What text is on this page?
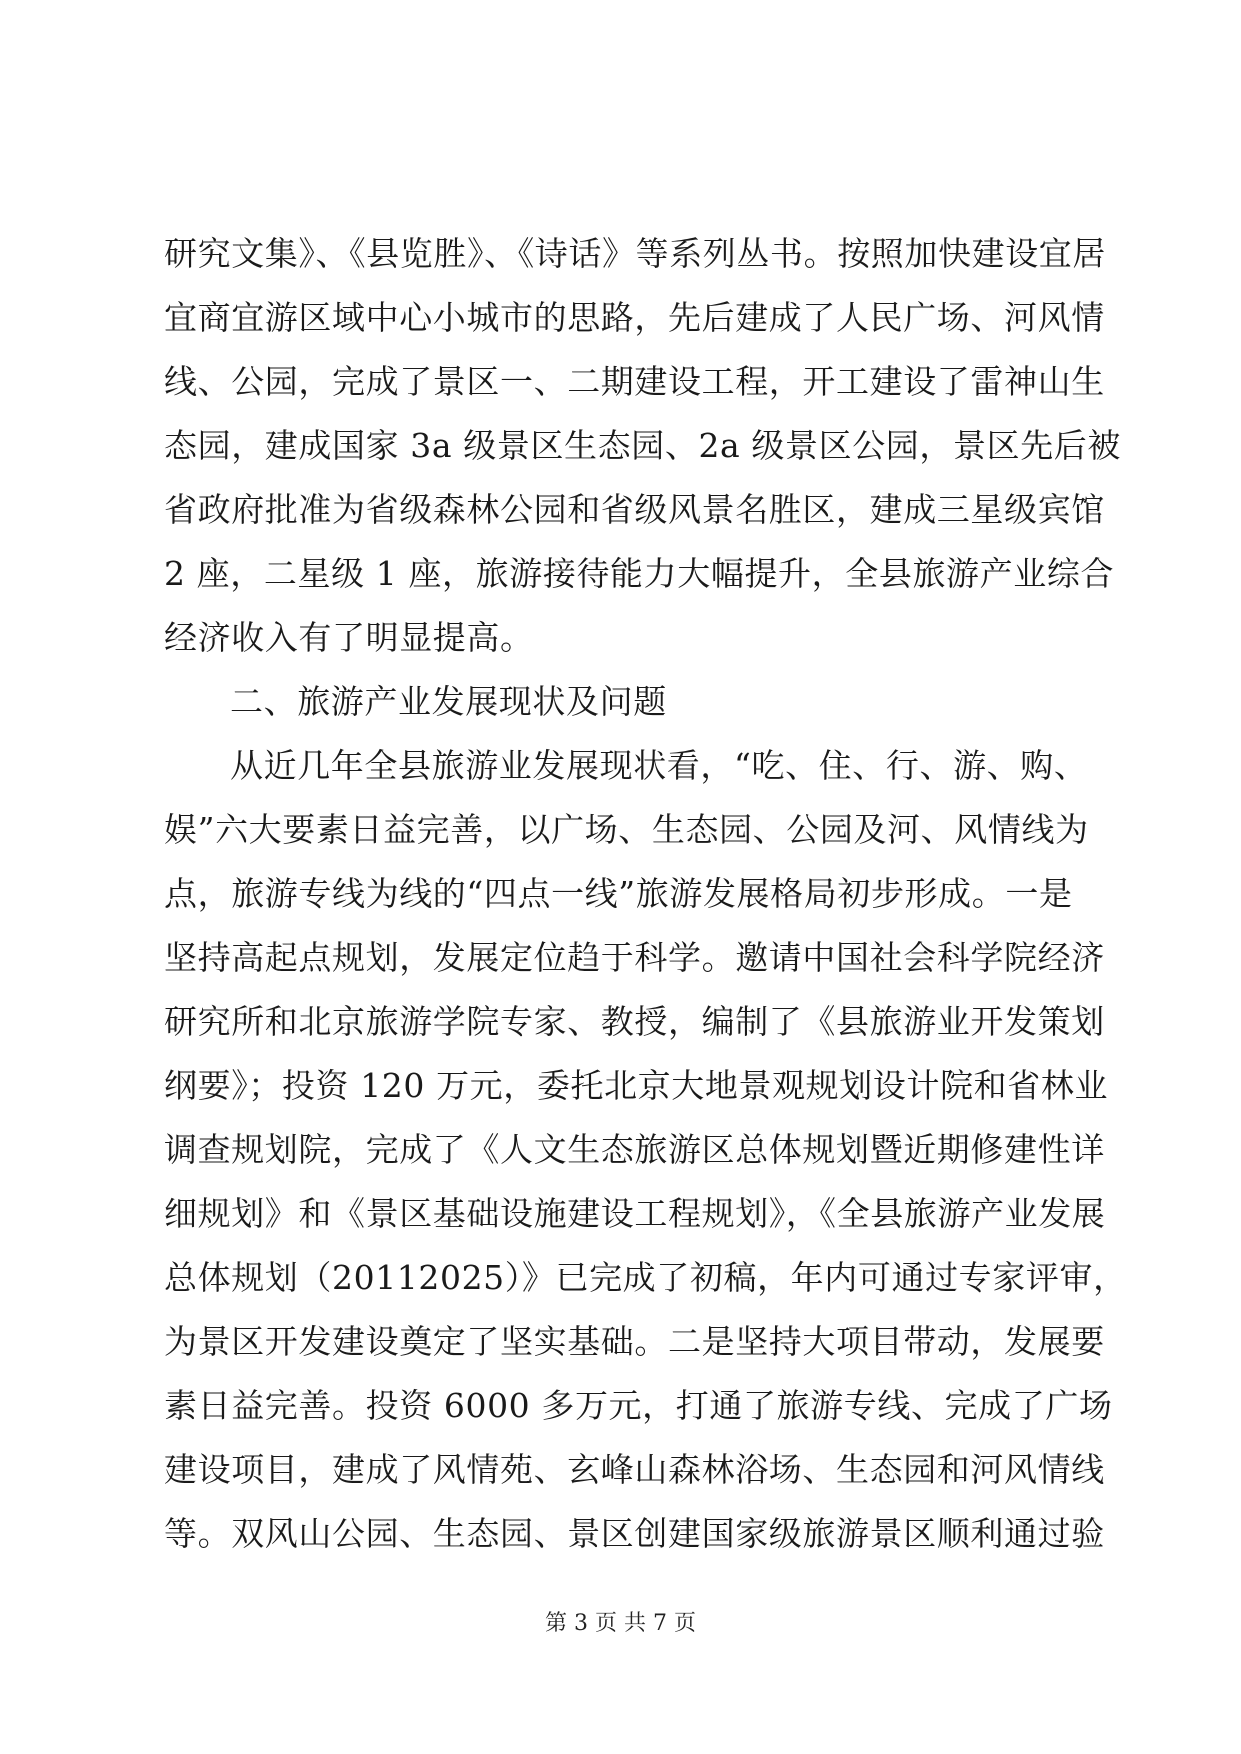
研究文集》、《县览胜》、《诗话》等系列丛书。按照加快建设宜居
宜商宜游区域中心小城市的思路，先后建成了人民广场、河风情
线、公园，完成了景区一、二期建设工程，开工建设了雷神山生
态园，建成国家 3a 级景区生态园、2a 级景区公园，景区先后被
省政府批准为省级森林公园和省级风景名胜区，建成三星级宾馆
2 座，二星级 1 座，旅游接待能力大幅提升，全县旅游产业综合
经济收入有了明显提高。
二、旅游产业发展现状及问题
从近几年全县旅游业发展现状看，“吃、住、行、游、购、
娱”六大要素日益完善，以广场、生态园、公园及河、风情线为
点，旅游专线为线的“四点一线”旅游发展格局初步形成。一是
坚持高起点规划，发展定位趋于科学。邀请中国社会科学院经济
研究所和北京旅游学院专家、教授，编制了《县旅游业开发策划
纲要》；投资 120 万元，委托北京大地景观规划设计院和省林业
调查规划院，完成了《人文生态旅游区总体规划暨近期修建性详
细规划》和《景区基础设施建设工程规划》，《全县旅游产业发展
总体规划（20112025）》已完成了初稿，年内可通过专家评审，
为景区开发建设奠定了坚实基础。二是坚持大项目带动，发展要
素日益完善。投资 6000 多万元，打通了旅游专线、完成了广场
建设项目，建成了风情苑、玄峰山森林浴场、生态园和河风情线
等。双风山公园、生态园、景区创建国家级旅游景区顺利通过验
第 3 页 共 7 页
